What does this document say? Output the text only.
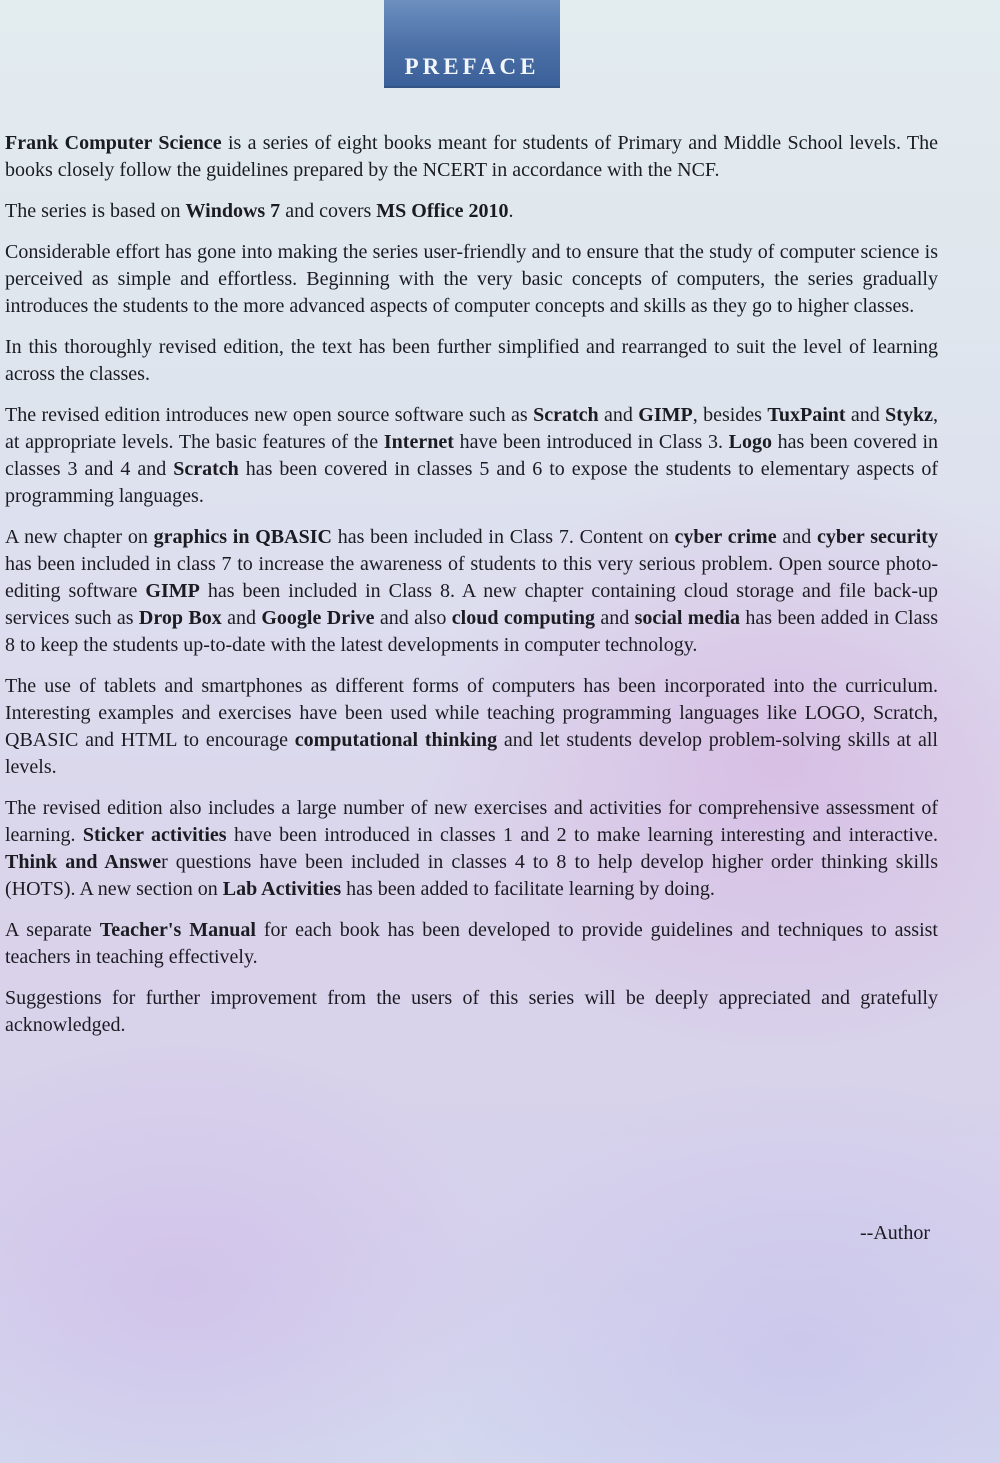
PREFACE

Frank Computer Science is a series of eight books meant for students of Primary and Middle School levels. The books closely follow the guidelines prepared by the NCERT in accordance with the NCF.

The series is based on Windows 7 and covers MS Office 2010.

Considerable effort has gone into making the series user-friendly and to ensure that the study of computer science is perceived as simple and effortless. Beginning with the very basic concepts of computers, the series gradually introduces the students to the more advanced aspects of computer concepts and skills as they go to higher classes.

In this thoroughly revised edition, the text has been further simplified and rearranged to suit the level of learning across the classes.

The revised edition introduces new open source software such as Scratch and GIMP, besides TuxPaint and Stykz, at appropriate levels. The basic features of the Internet have been introduced in Class 3. Logo has been covered in classes 3 and 4 and Scratch has been covered in classes 5 and 6 to expose the students to elementary aspects of programming languages.

A new chapter on graphics in QBASIC has been included in Class 7. Content on cyber crime and cyber security has been included in class 7 to increase the awareness of students to this very serious problem. Open source photo-editing software GIMP has been included in Class 8. A new chapter containing cloud storage and file back-up services such as Drop Box and Google Drive and also cloud computing and social media has been added in Class 8 to keep the students up-to-date with the latest developments in computer technology.

The use of tablets and smartphones as different forms of computers has been incorporated into the curriculum. Interesting examples and exercises have been used while teaching programming languages like LOGO, Scratch, QBASIC and HTML to encourage computational thinking and let students develop problem-solving skills at all levels.

The revised edition also includes a large number of new exercises and activities for comprehensive assessment of learning. Sticker activities have been introduced in classes 1 and 2 to make learning interesting and interactive. Think and Answer questions have been included in classes 4 to 8 to help develop higher order thinking skills (HOTS). A new section on Lab Activities has been added to facilitate learning by doing.

A separate Teacher's Manual for each book has been developed to provide guidelines and techniques to assist teachers in teaching effectively.

Suggestions for further improvement from the users of this series will be deeply appreciated and gratefully acknowledged.

--Author
